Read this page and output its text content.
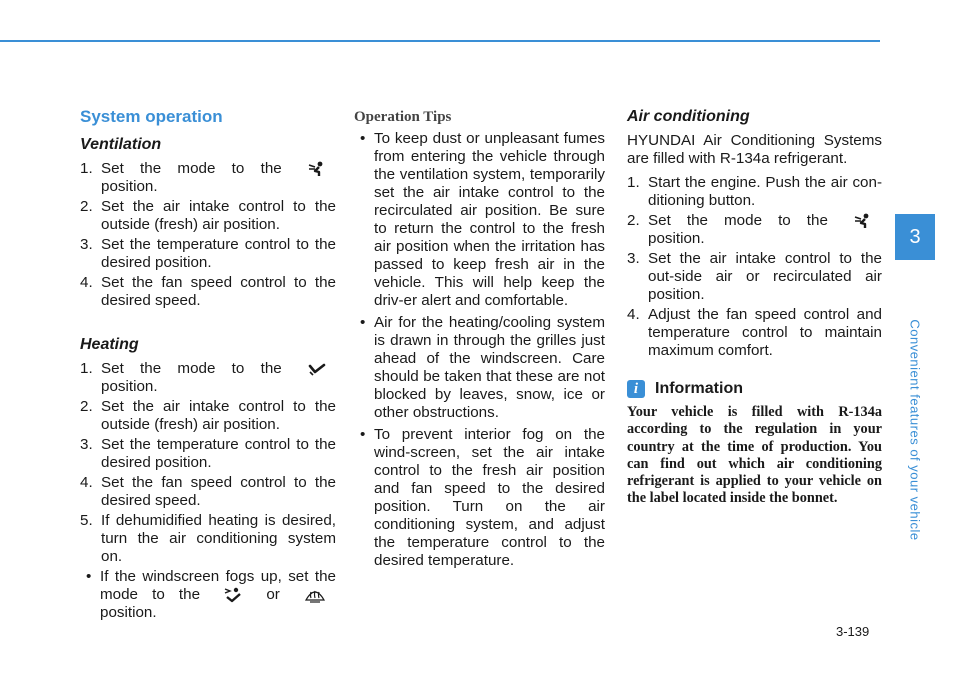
System operation
Ventilation
1. Set the mode to the
position.
2. Set the air intake control to the outside (fresh) air position.
3. Set the temperature control to the desired position.
4. Set the fan speed control to the desired speed.
Heating
1. Set the mode to the
position.
2. Set the air intake control to the outside (fresh) air position.
3. Set the temperature control to the desired position.
4. Set the fan speed control to the desired speed.
5. If dehumidified heating is desired, turn the air conditioning system on.
• If the windscreen fogs up, set the mode to the	or
position.
Operation Tips
• To keep dust or unpleasant fumes from entering the vehicle through the ventilation system, temporarily set the air intake control to the recirculated air position. Be sure to return the control to the fresh air position when the irritation has passed to keep fresh air in the vehicle. This will help keep the driv-er alert and comfortable.
• Air for the heating/cooling system is drawn in through the grilles just ahead of the windscreen. Care should be taken that these are not blocked by leaves, snow, ice or other obstructions.
• To prevent interior fog on the wind-screen, set the air intake control to the fresh air position and fan speed to the desired position. Turn on the air conditioning system, and adjust the temperature control to the desired temperature.
Air conditioning

HYUNDAI Air Conditioning Systems are filled with R-134a refrigerant.

1. Start the engine. Push the air con-ditioning button.
2. Set the mode to the
position.
3. Set the air intake control to the out-side air or recirculated air position.
4. Adjust the fan speed control and temperature control to maintain maximum comfort.
i	Information
Your vehicle is filled with R-134a according to the regulation in your country at the time of production. You can find out which air conditioning refrigerant is applied to your vehicle on the label located inside the bonnet.
3
Convenient features of your vehicle
3-139
